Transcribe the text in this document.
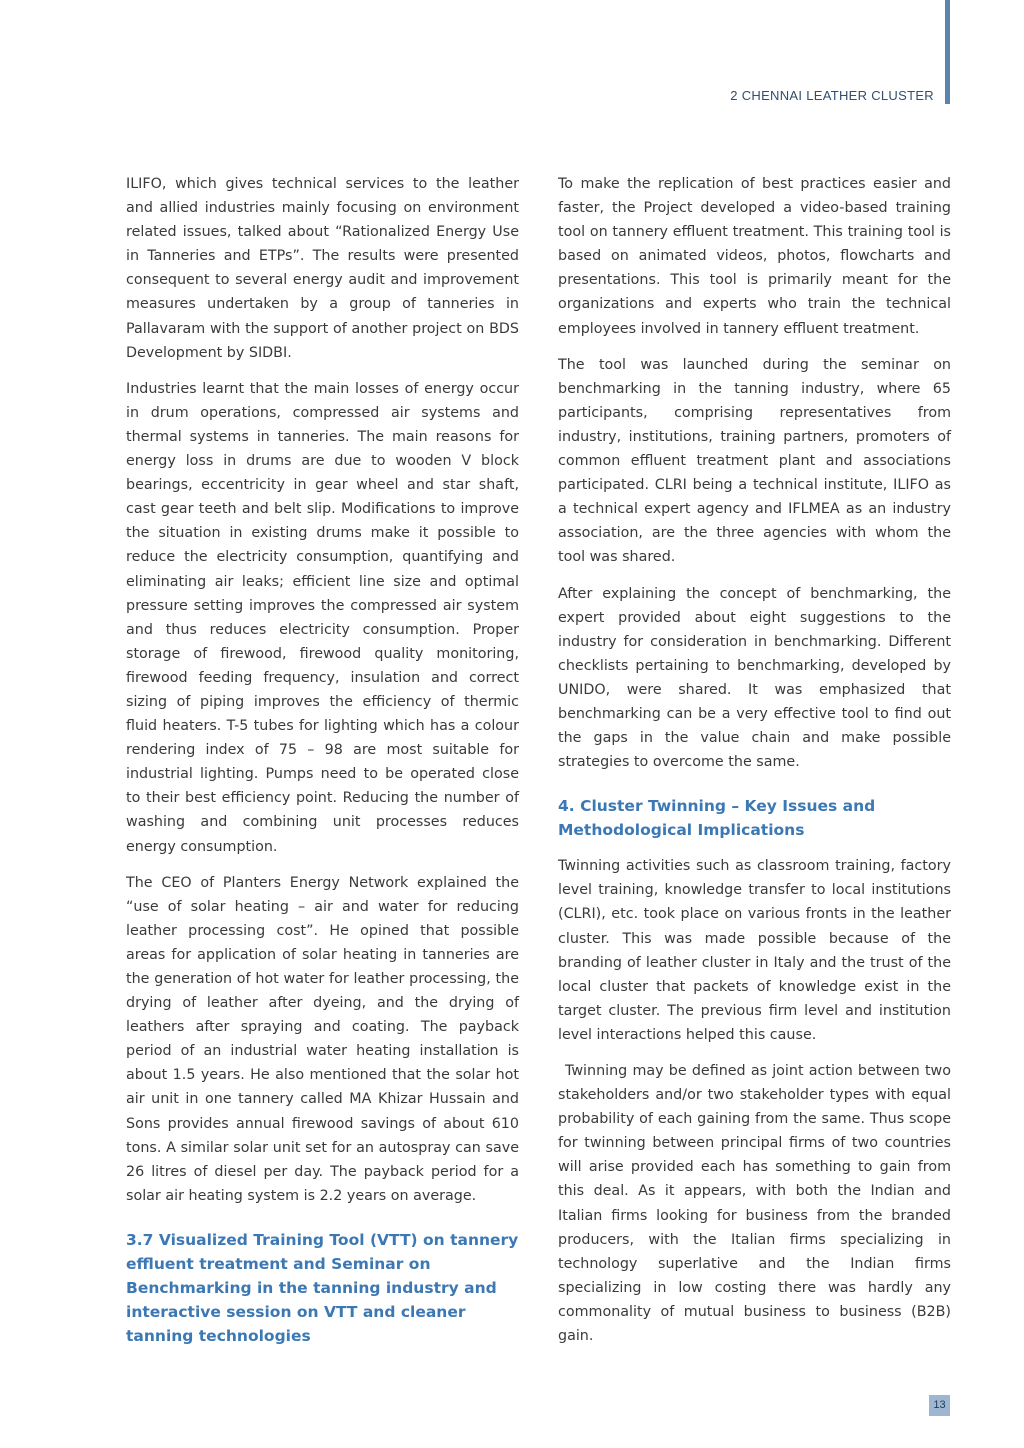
2 CHENNAI LEATHER CLUSTER

ILIFO, which gives technical services to the leather and allied industries mainly focusing on environment related issues, talked about “Rationalized Energy Use in Tanneries and ETPs”. The results were presented consequent to several energy audit and improvement measures undertaken by a group of tanneries in Pallavaram with the support of another project on BDS Development by SIDBI.

Industries learnt that the main losses of energy occur in drum operations, compressed air systems and thermal systems in tanneries. The main reasons for energy loss in drums are due to wooden V block bearings, eccentricity in gear wheel and star shaft, cast gear teeth and belt slip. Modifications to improve the situation in existing drums make it possible to reduce the electricity consumption, quantifying and eliminating air leaks; efficient line size and optimal pressure setting improves the compressed air system and thus reduces electricity consumption. Proper storage of firewood, firewood quality monitoring, firewood feeding frequency, insulation and correct sizing of piping improves the efficiency of thermic fluid heaters. T-5 tubes for lighting which has a colour rendering index of 75 – 98 are most suitable for industrial lighting. Pumps need to be operated close to their best efficiency point. Reducing the number of washing and combining unit processes reduces energy consumption.

The CEO of Planters Energy Network explained the “use of solar heating – air and water for reducing leather processing cost”. He opined that possible areas for application of solar heating in tanneries are the generation of hot water for leather processing, the drying of leather after dyeing, and the drying of leathers after spraying and coating. The payback period of an industrial water heating installation is about 1.5 years. He also mentioned that the solar hot air unit in one tannery called MA Khizar Hussain and Sons provides annual firewood savings of about 610 tons. A similar solar unit set for an autospray can save 26 litres of diesel per day. The payback period for a solar air heating system is 2.2 years on average.

3.7 Visualized Training Tool (VTT) on tannery effluent treatment and Seminar on Benchmarking in the tanning industry and interactive session on VTT and cleaner tanning technologies

To make the replication of best practices easier and faster, the Project developed a video-based training tool on tannery effluent treatment. This training tool is based on animated videos, photos, flowcharts and presentations. This tool is primarily meant for the organizations and experts who train the technical employees involved in tannery effluent treatment.

The tool was launched during the seminar on benchmarking in the tanning industry, where 65 participants, comprising representatives from industry, institutions, training partners, promoters of common effluent treatment plant and associations participated. CLRI being a technical institute, ILIFO as a technical expert agency and IFLMEA as an industry association, are the three agencies with whom the tool was shared.

After explaining the concept of benchmarking, the expert provided about eight suggestions to the industry for consideration in benchmarking. Different checklists pertaining to benchmarking, developed by UNIDO, were shared. It was emphasized that benchmarking can be a very effective tool to find out the gaps in the value chain and make possible strategies to overcome the same.

4. Cluster Twinning – Key Issues and Methodological Implications

Twinning activities such as classroom training, factory level training, knowledge transfer to local institutions (CLRI), etc. took place on various fronts in the leather cluster. This was made possible because of the branding of leather cluster in Italy and the trust of the local cluster that packets of knowledge exist in the target cluster. The previous firm level and institution level interactions helped this cause.

Twinning may be defined as joint action between two stakeholders and/or two stakeholder types with equal probability of each gaining from the same. Thus scope for twinning between principal firms of two countries will arise provided each has something to gain from this deal. As it appears, with both the Indian and Italian firms looking for business from the branded producers, with the Italian firms specializing in technology superlative and the Indian firms specializing in low costing there was hardly any commonality of mutual business to business (B2B) gain.

13
